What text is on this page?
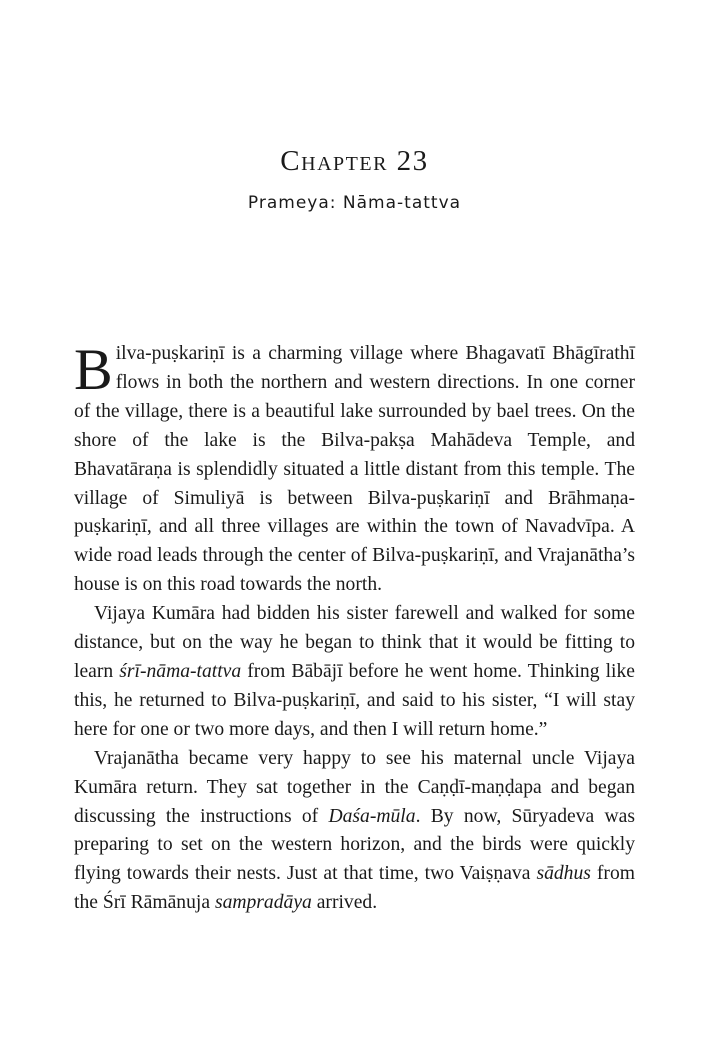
Chapter 23
Prameya: Nāma-tattva

Bilva-puṣkariṇī is a charming village where Bhagavatī Bhāgīrathī flows in both the northern and western directions. In one corner of the village, there is a beautiful lake surrounded by bael trees. On the shore of the lake is the Bilva-pakṣa Mahādeva Temple, and Bhavatāraṇa is splendidly situated a little distant from this temple. The village of Simuliyā is between Bilva-puṣkariṇī and Brāhmaṇa-puṣkariṇī, and all three villages are within the town of Navadvīpa. A wide road leads through the center of Bilva-puṣkariṇī, and Vrajanātha’s house is on this road towards the north.

Vijaya Kumāra had bidden his sister farewell and walked for some distance, but on the way he began to think that it would be fitting to learn śrī-nāma-tattva from Bābājī before he went home. Thinking like this, he returned to Bilva-puṣkariṇī, and said to his sister, “I will stay here for one or two more days, and then I will return home.”

Vrajanātha became very happy to see his maternal uncle Vijaya Kumāra return. They sat together in the Caṇḍī-maṇḍapa and began discussing the instructions of Daśa-mūla. By now, Sūryadeva was preparing to set on the western horizon, and the birds were quickly flying towards their nests. Just at that time, two Vaiṣṇava sādhus from the Śrī Rāmānuja sampradāya arrived.
